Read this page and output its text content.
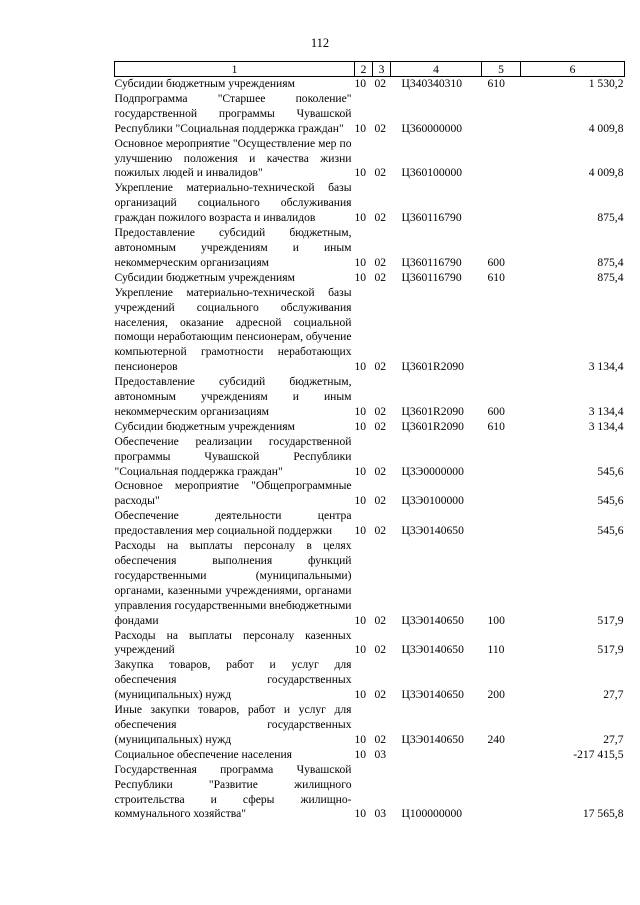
112
1	2	3	4	5	6
Субсидии бюджетным учреждениям	10	02	Ц340340310	610	1 530,2
Подпрограмма "Старшее поколение" государственной программы Чувашской Республики "Социальная поддержка граждан"	10	02	Ц360000000		4 009,8
Основное мероприятие "Осуществление мер по улучшению положения и качества жизни пожилых людей и инвалидов"	10	02	Ц360100000		4 009,8
Укрепление материально-технической базы организаций социального обслуживания граждан пожилого возраста и инвалидов	10	02	Ц360116790		875,4
Предоставление субсидий бюджетным, автономным учреждениям и иным некоммерческим организациям	10	02	Ц360116790	600	875,4
Субсидии бюджетным учреждениям	10	02	Ц360116790	610	875,4
Укрепление материально-технической базы учреждений социального обслуживания населения, оказание адресной социальной помощи неработающим пенсионерам, обучение компьютерной грамотности неработающих пенсионеров	10	02	Ц3601R2090		3 134,4
Предоставление субсидий бюджетным, автономным учреждениям и иным некоммерческим организациям	10	02	Ц3601R2090	600	3 134,4
Субсидии бюджетным учреждениям	10	02	Ц3601R2090	610	3 134,4
Обеспечение реализации государственной программы Чувашской Республики "Социальная поддержка граждан"	10	02	Ц3Э0000000		545,6
Основное мероприятие "Общепрограммные расходы"	10	02	Ц3Э0100000		545,6
Обеспечение деятельности центра предоставления мер социальной поддержки	10	02	Ц3Э0140650		545,6
Расходы на выплаты персоналу в целях обеспечения выполнения функций государственными (муниципальными) органами, казенными учреждениями, органами управления государственными внебюджетными фондами	10	02	Ц3Э0140650	100	517,9
Расходы на выплаты персоналу казенных учреждений	10	02	Ц3Э0140650	110	517,9
Закупка товаров, работ и услуг для обеспечения государственных (муниципальных) нужд	10	02	Ц3Э0140650	200	27,7
Иные закупки товаров, работ и услуг для обеспечения государственных (муниципальных) нужд	10	02	Ц3Э0140650	240	27,7
Социальное обеспечение населения	10	03			-217 415,5
Государственная программа Чувашской Республики "Развитие жилищного строительства и сферы жилищно-коммунального хозяйства"	10	03	Ц100000000		17 565,8
